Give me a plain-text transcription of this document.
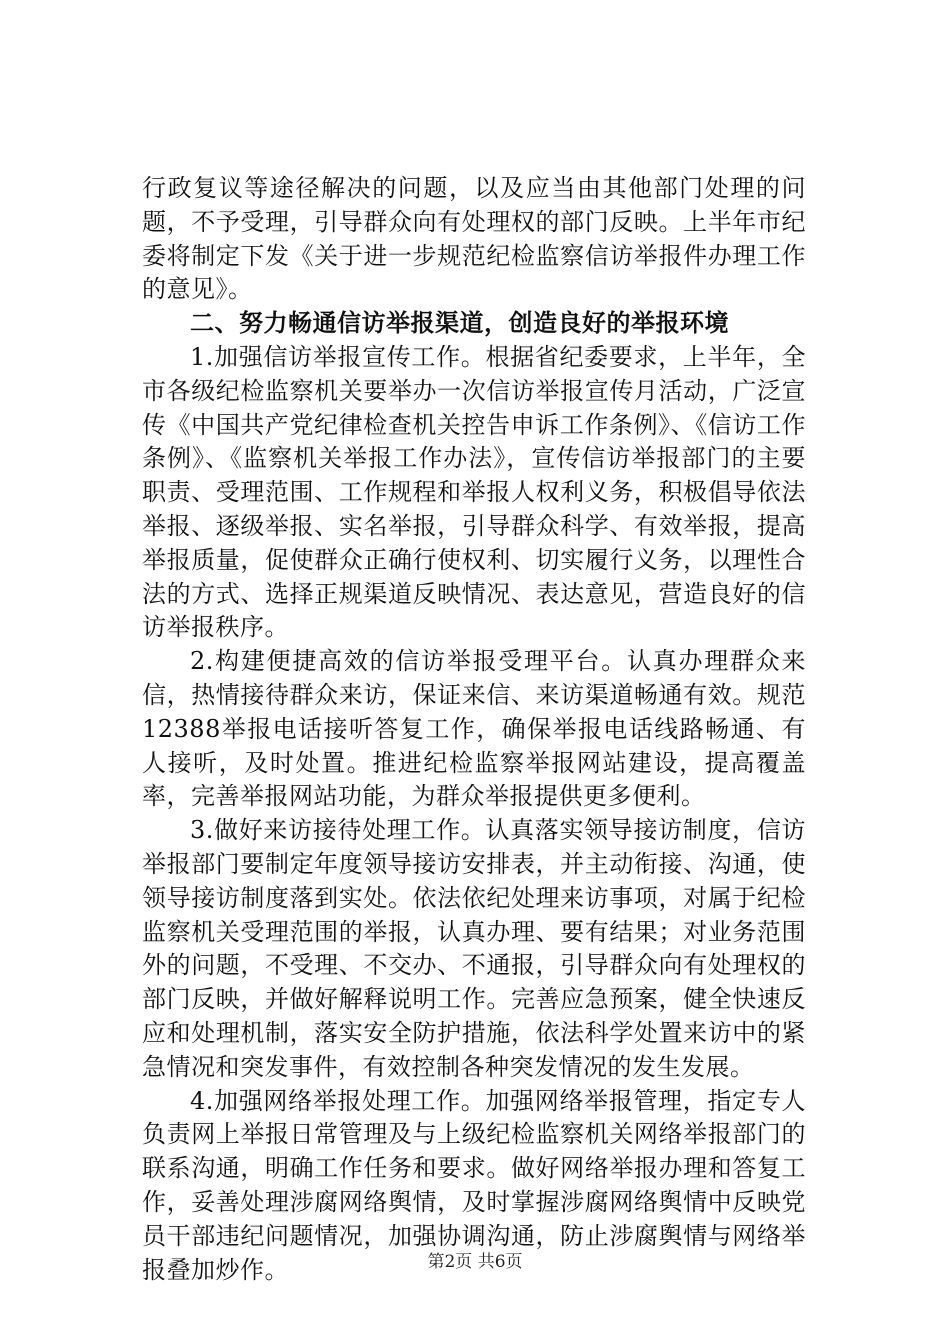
行政复议等途径解决的问题，以及应当由其他部门处理的问题，不予受理，引导群众向有处理权的部门反映。上半年市纪委将制定下发《关于进一步规范纪检监察信访举报件办理工作的意见》。

二、努力畅通信访举报渠道，创造良好的举报环境

1.加强信访举报宣传工作。根据省纪委要求，上半年，全市各级纪检监察机关要举办一次信访举报宣传月活动，广泛宣传《中国共产党纪律检查机关控告申诉工作条例》、《信访工作条例》、《监察机关举报工作办法》，宣传信访举报部门的主要职责、受理范围、工作规程和举报人权利义务，积极倡导依法举报、逐级举报、实名举报，引导群众科学、有效举报，提高举报质量，促使群众正确行使权利、切实履行义务，以理性合法的方式、选择正规渠道反映情况、表达意见，营造良好的信访举报秩序。

2.构建便捷高效的信访举报受理平台。认真办理群众来信，热情接待群众来访，保证来信、来访渠道畅通有效。规范12388举报电话接听答复工作，确保举报电话线路畅通、有人接听，及时处置。推进纪检监察举报网站建设，提高覆盖率，完善举报网站功能，为群众举报提供更多便利。

3.做好来访接待处理工作。认真落实领导接访制度，信访举报部门要制定年度领导接访安排表，并主动衔接、沟通，使领导接访制度落到实处。依法依纪处理来访事项，对属于纪检监察机关受理范围的举报，认真办理、要有结果；对业务范围外的问题，不受理、不交办、不通报，引导群众向有处理权的部门反映，并做好解释说明工作。完善应急预案，健全快速反应和处理机制，落实安全防护措施，依法科学处置来访中的紧急情况和突发事件，有效控制各种突发情况的发生发展。

4.加强网络举报处理工作。加强网络举报管理，指定专人负责网上举报日常管理及与上级纪检监察机关网络举报部门的联系沟通，明确工作任务和要求。做好网络举报办理和答复工作，妥善处理涉腐网络舆情，及时掌握涉腐网络舆情中反映党员干部违纪问题情况，加强协调沟通，防止涉腐舆情与网络举报叠加炒作。	第2页 共6页
